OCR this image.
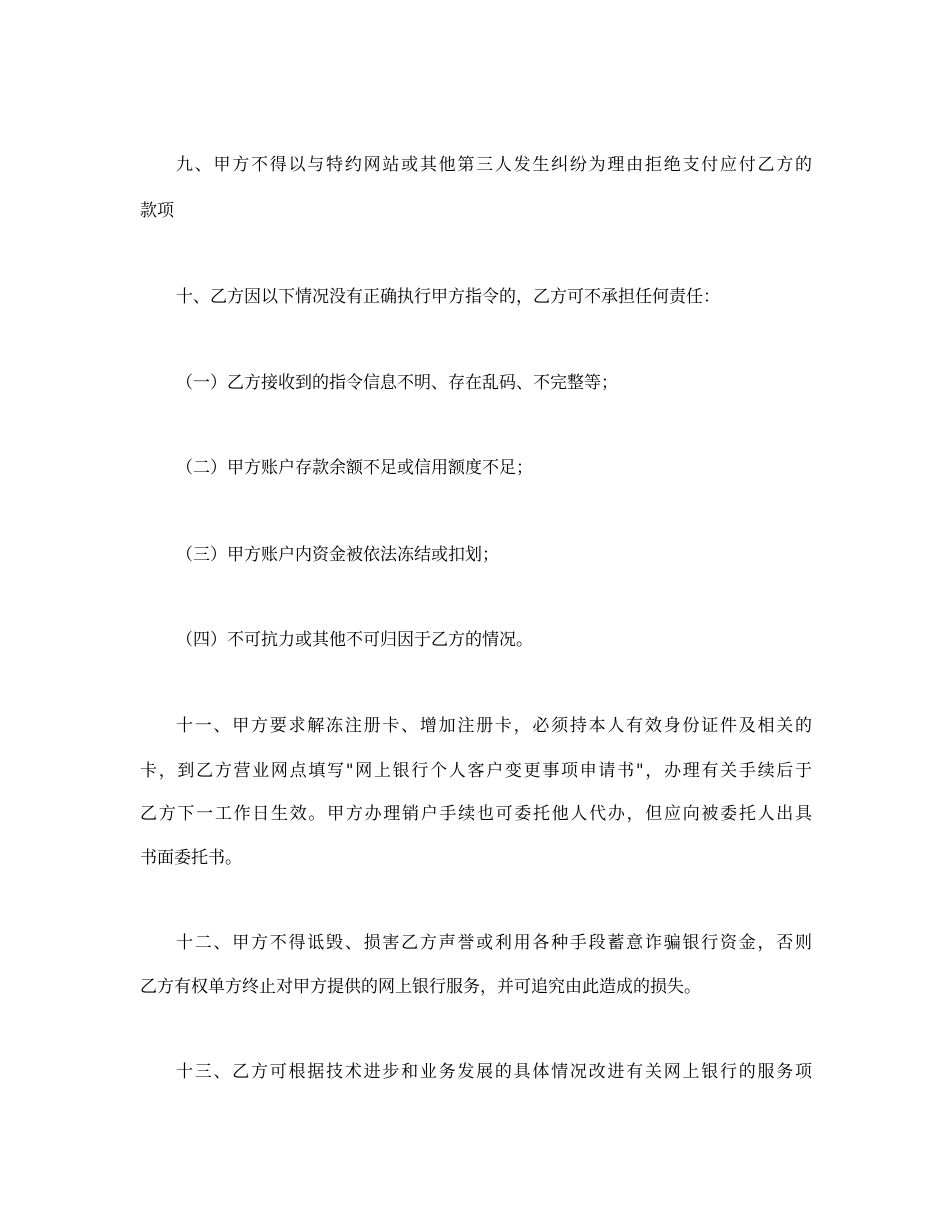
九、甲方不得以与特约网站或其他第三人发生纠纷为理由拒绝支付应付乙方的
款项
十、乙方因以下情况没有正确执行甲方指令的，乙方可不承担任何责任：
（一）乙方接收到的指令信息不明、存在乱码、不完整等；
（二）甲方账户存款余额不足或信用额度不足；
（三）甲方账户内资金被依法冻结或扣划；
（四）不可抗力或其他不可归因于乙方的情况。
十一、甲方要求解冻注册卡、增加注册卡，必须持本人有效身份证件及相关的
卡，到乙方营业网点填写"网上银行个人客户变更事项申请书"，办理有关手续后于
乙方下一工作日生效。甲方办理销户手续也可委托他人代办，但应向被委托人出具
书面委托书。
十二、甲方不得诋毁、损害乙方声誉或利用各种手段蓄意诈骗银行资金，否则
乙方有权单方终止对甲方提供的网上银行服务，并可追究由此造成的损失。
十三、乙方可根据技术进步和业务发展的具体情况改进有关网上银行的服务项
